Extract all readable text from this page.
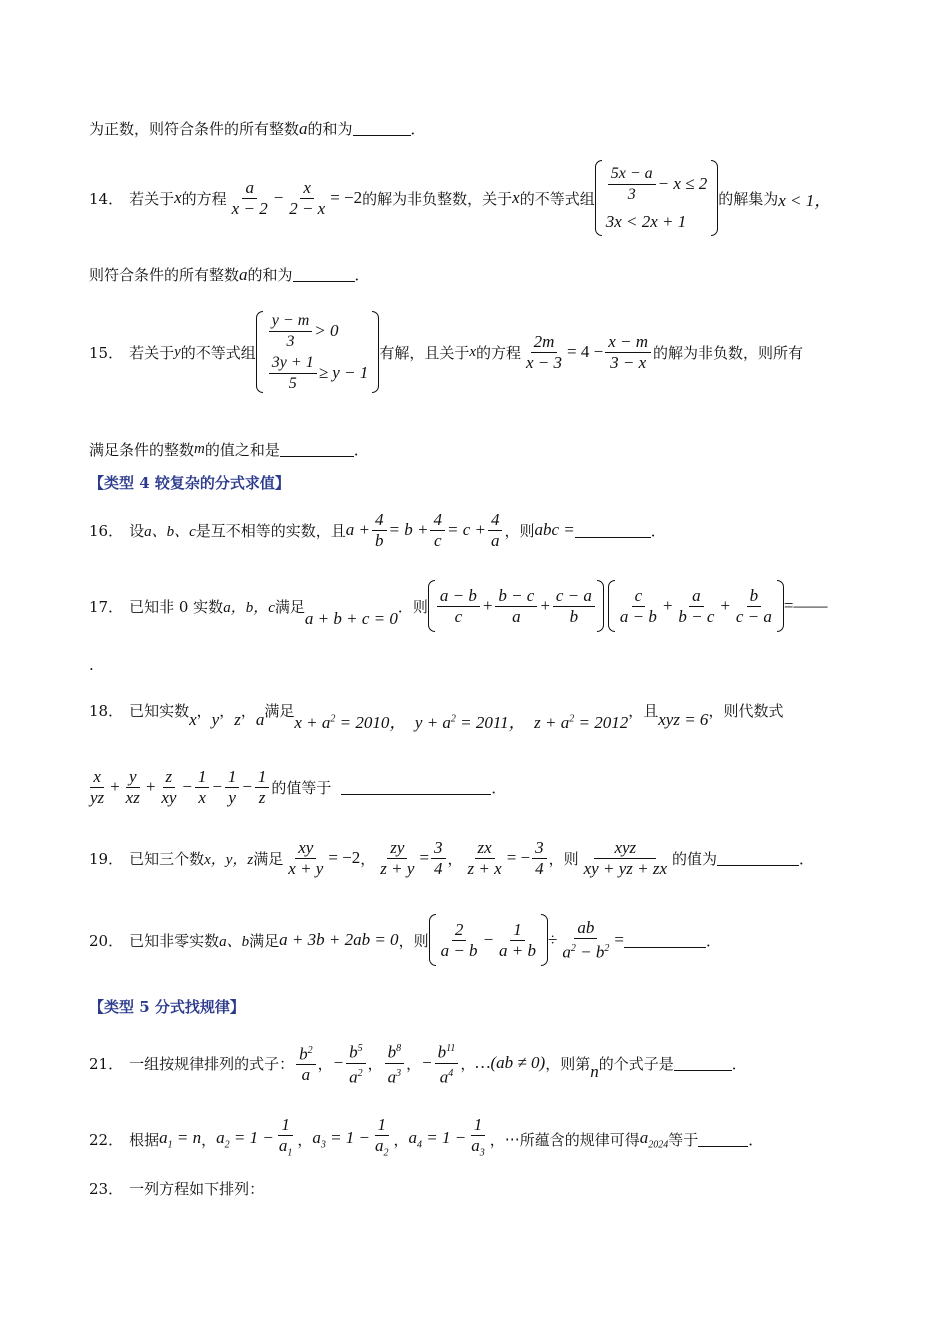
为正数，则符合条件的所有整数 a 的和为	．
14． 若关于 x 的方程
a
x − 2
− $\frac{x}{2 - x} = -2$ 的解为非负整数，关于 x 的不等式组
5x − a
3
− x ≤ 2
3x < 2x + 1
的解集为 x < 1，
则符合条件的所有整数 a 的和为	．
15． 若关于 y 的不等式组
y − m
3
> 0
3y + 1
5
≥ y − 1
有解，且关于 x 的方程 $\frac{2m}{x - 3} = 4 - \frac{x - m}{3 - x}$ 的解为非负数，则所有
满足条件的整数 m 的值之和是	．
【类型 4 较复杂的分式求值】
16． 设 a、b、c 是互不相等的实数，且 $a + \frac{4}{b} = b + \frac{4}{c} = c + \frac{4}{a}$ ，则 abc =	．
17． 已知非 0 实数 a，b，c 满足
a + b + c = 0
．则
a − b
c
+ $\frac{b - c}{a} + \frac{c - a}{b}$ c
a − b
+ $\frac{a}{b - c} + \frac{b}{c - a}$ =——
.
18． 已知实数 x ， y ， z ， a 满足
$x + a^2 = 2010$，  $y + a^2 = 2011$，  $z + a^2 = 2012$
， 且 xyz = 6 ，则代数式
x
yz
+ $\frac{y}{xz} + \frac{z}{xy} - \frac{1}{x} - \frac{1}{y} - \frac{1}{z}$ 的值等于	．
19． 已知三个数 x，y，z 满足 $\frac{xy}{x + y} = -2$ ， $\frac{zy}{z + y} = \frac{3}{4}$ ， $\frac{zx}{z + x}$ = − $\frac{3}{4}$ ，则
xyz
xy + yz + zx 的值为	．
20． 已知非零实数 a、b 满足 a + 3b + 2ab = 0 ，则
2
a − b
− $\frac{1}{a + b} \div \frac{ab}{a^2 - b^2}$ =	．
【类型 5 分式找规律】
21． 一组按规律排列的式子：
$b^2$
a
， − $\frac{b^5}{a^2}$ ，
$b^8$
$a^3$
， − $\frac{b^{11}}{a^4}$ ， …(ab ≠ 0) ，则第 n 的个式子是	．
22． 根据 $a_1 = n$ ， $a_2 = 1 - \frac{1}{a_1}$ ， $a_3 = 1 - \frac{1}{a_2}$ ， $a_4 = 1 - \frac{1}{a_3}$ ， ⋯ 所蕴含的规律可得 $a_{2024}$ 等于	．
23． 一列方程如下排列：
